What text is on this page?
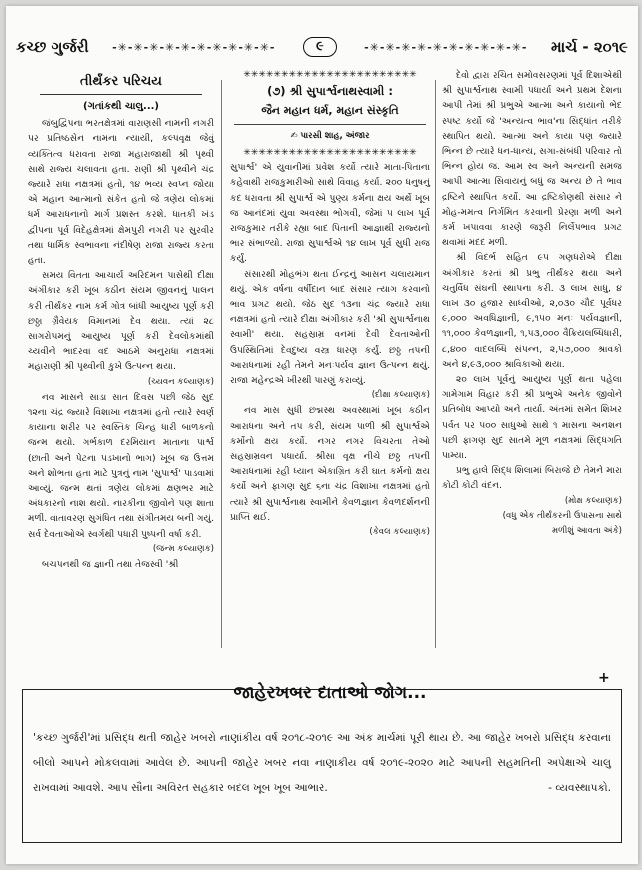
કચ્છ ગુર્જરી -✳-✳-✳-✳-✳-✳-✳-✳-✳-✳-	૯	-✳-✳-✳-✳-✳-✳-✳-✳-✳-✳- માર્ચ - ૨૦૧૯
તીર્થંકર પરિચય
(ગતાંકથી ચાલુ...)

જંબુદ્વિપના ભરતક્ષેત્રમાં વારાણસી નામની નગરી પર પ્રતિષ્ઠસેન નામના ન્યાયી, કલ્પવૃક્ષ જેવું વ્યક્તિત્વ ધરાવતા રાજા મહારાજાથી શ્રી પૃથ્વી સાથે રાજ્ય ચલાવતા હતા. રાણી શ્રી પૃથ્વીને ચંદ્ર જ્યારે રાધા નક્ષત્રમાં હતો, ૧૪ ભવ્ય સ્વપ્ન જોયા એ મહાન આત્માનો સંકેત હતો જે ત્રણેય લોકમાં ધર્મ આરાધનાનો માર્ગ પ્રશસ્ત કરશે. ધાતકી ખંડ દ્વીપના પૂર્વ વિદેહક્ષેત્રમાં ક્ષેમપુરી નગરી પર સુરવીર તથા ધાર્મિક સ્વભાવના નંદીષેણ રાજા રાજ્ય કરતા હતા.

સમય વિતતા આચાર્ય અરિદમન પાસેથી દીક્ષા અંગીકાર કરી ખૂબ કઠીન સંયમ જીવનનું પાલન કરી તીર્થંકર નામ કર્મ ગોત્ર બાંધી આયુષ્ય પૂર્ણ કરી છઠ્ઠા ગ્રૈવેયક વિમાનમાં દેવ થયા. ત્યાં ૨૮ સાગરોપમનું આયુષ્ય પૂર્ણ કરી દેવલોકમાંથી ચ્યવીને ભાદરવા વદ આઠમે અનુરાધા નક્ષત્રમાં મહારાણી શ્રી પૃથ્વીની કુખે ઉત્પન્ન થયા.

(ચ્યવન કલ્યાણક)

નવ માસને સાડા સાત દિવસ પછી જેઠ સુદ ૧૨ના ચંદ્ર જ્યારે વિશાખા નક્ષત્રમાં હતો ત્યારે સ્વર્ણ કાયાના શરીર પર સ્વસ્તિક ચિન્હ ધારી બાળકનો જન્મ થયો. ગર્ભકાળ દરમિયાન માતાના પાર્શ્વ (છાતી અને પેટના પડખાનો ભાગ) ખૂબ જ ઉત્તમ અને શોભતા હતા માટે પુત્રનું નામ 'સુપાર્શ્વ' પાડવામાં આવ્યું. જન્મ થતાં ત્રણેય લોકમાં ક્ષણભર માટે અંધકારનો નાશ થયો. નારકીના જીવોને પણ શાતા મળી. વાતાવરણ સુગંધિત તથા સંગીતમય બની ગયું. સર્વ દેવતાઓએ સ્વર્ગથી પધારી પુષ્પની વર્ષા કરી.

(જન્મ કલ્યાણક)

બચપનથી જ જ્ઞાની તથા તેજસ્વી 'શ્રી

✳✳✳✳✳✳✳✳✳✳✳✳✳✳✳✳✳✳✳✳✳✳✳
(૭) શ્રી સુપાર્શ્વનાથસ્વામી :
જૈન મહાન ધર્મ, મહાન સંસ્કૃતિ
✍ પારસી શાહ, અંજાર
✳✳✳✳✳✳✳✳✳✳✳✳✳✳✳✳✳✳✳✳✳✳✳

સુપાર્શ્વ' એ યુવાનીમાં પ્રવેશ કર્યો ત્યારે માતા-પિતાના કહેવાથી રાજકુમારીઓ સાથે વિવાહ કર્યા. ૨૦૦ ધનુષનું કદ ધરાવતા શ્રી સુપાર્શ્વ એ પુણ્ય કર્મના ક્ષય અર્થે ખૂબ જ આનંદમાં યુવા અવસ્થા ભોગવી, જેમાં ૫ લાખ પૂર્વ રાજકુમાર તરીકે રહ્યા બાદ પિતાની આજ્ઞાથી રાજ્યનો ભાર સંભાળ્યો. રાજા સુપાર્શ્વએ ૧૪ લાખ પૂર્વ સુધી રાજ કર્યું.

સંસારથી મોહભંગ થતા ઈન્દ્રનું આસન ચલાયમાન થયું. એક વર્ષના વર્ષીદાન બાદ સંસાર ત્યાગ કરવાનો ભાવ પ્રગટ થયો. જેઠ સુદ ૧૩ના ચંદ્ર જ્યારે રાધા નક્ષત્રમાં હતો ત્યારે દીક્ષા અંગીકાર કરી 'શ્રી સુપાર્શ્વનાથ સ્વામી' થયા. સહસ્રામ્ર વનમાં દેવી દેવતાઓની ઉપસ્થિતિમાં દેવદુષ્ય વસ્ત્ર ધારણ કર્યું. છઠ્ઠ તપની આરાધનામાં રહી તેમને મનઃપર્યવ જ્ઞાન ઉત્પન્ન થયું. રાજા મહેન્દ્રએ ખીરથી પારણું કરાવ્યું.

(દીક્ષા કલ્યાણક)

નવ માસ સુધી છદ્મસ્થ અવસ્થામાં ખૂબ કઠીન આરાધના અને તપ કરી, સંયમ પાળી શ્રી સુપાર્શ્વએ કર્મોનો ક્ષય કર્યો. નગર નગર વિચરતા તેઓ સહસ્રામ્રવન પધાર્યા. શ્રીસા વૃક્ષ નીચે છઠ્ઠ તપની આરાધનામાં રહી ધ્યાન એકાગ્રિત કરી ઘાત કર્મનો ક્ષય કર્યો અને ફાગણ સુદ ૬ના ચંદ્ર વિશાખા નક્ષત્રમાં હતો ત્યારે શ્રી સુપાર્શ્વનાથ સ્વામીને કેવળજ્ઞાન કેવળદર્શનની પ્રાપ્તિ થઈ.

(કેવલ કલ્યાણક)

દેવો દ્વારા રચિત સમોવસરણમાં પૂર્વ દિશાએથી શ્રી સુપાર્શ્વનાથ સ્વામી પધાર્યા અને પ્રથમ દેશના આપી તેમાં શ્રી પ્રભુએ આત્મા અને કાયાનો ભેદ સ્પષ્ટ કર્યો જે 'અન્યત્વ ભાવ'ના સિદ્ધાંત તરીકે સ્થાપિત થયો. આત્મા અને કાયા પણ જ્યારે ભિન્ન છે ત્યારે ધન-ધાન્ય, સગા-સંબંધી પરિવાર તો ભિન્ન હોય જ. આમ સ્વ અને અન્યની સમજ આપી આત્મા સિવાયનું બધું જ અન્ય છે તે ભાવ દ્રષ્ટિને સ્થાપિત કર્યો. આ દ્રષ્ટિકોણથી સંસાર ને મોહ-મમત્વ નિર્ગમિત કરવાની પ્રેરણા મળી અને કર્મ ખપાવવા કારણે જરૂરી નિર્લેપભાવ પ્રગટ થવામાં મદદ મળી.

શ્રી વિદર્ભ સહિત ૯૫ ગણધરોએ દીક્ષા અંગીકાર કરતાં શ્રી પ્રભુ તીર્થંકર થયા અને ચતુર્વિધ સંઘની સ્થાપના કરી. ૩ લાખ સાધુ, ૪ લાખ ૩૦ હજાર સાધ્વીઓ, ૨,૦૩૦ ચૌદ પૂર્વધર ૯,૦૦૦ અવધિજ્ઞાની, ૯,૧૫૦ મનઃ પર્યવજ્ઞાની, ૧૧,૦૦૦ કેવળજ્ઞાની, ૧,૫૩,૦૦૦ વૈક્રિયલબ્ધિધારી, ૮,૪૦૦ વાદલબ્ધિ સંપન્ન, ૨,૫૭,૦૦૦ શ્રાવકો અને ૪,૯૩,૦૦૦ શ્રાવિકાઓ થયા.

૨૦ લાખ પૂર્વનું આયુષ્ય પૂર્ણ થતા પહેલા ગામેગામ વિહાર કરી શ્રી પ્રભુએ અનેક જીવોને પ્રતિબોધ આપ્યો અને તાર્યા. અંતમાં સમેત શિખર પર્વત પર ૫૦૦ સાધુઓ સાથે ૧ માસના અનશન પછી ફાગણ સુદ સાતમે મૂળ નક્ષત્રમાં સિદ્ધગતિ પામ્યા.

પ્રભુ હાલે સિદ્ધ શિલામાં બિરાજે છે તેમને મારા કોટી કોટી વંદન.

(મોક્ષ કલ્યાણક)
(વધુ એક તીર્થંકરની ઉપાસના સાથે
મળીશું આવતા અંકે)
+
જાહેરખબર દાતાઓ જોગ...
'કચ્છ ગુર્જરી'માં પ્રસિદ્ધ થતી જાહેર ખબરો નાણાંકીય વર્ષ ૨૦૧૮-૨૦૧૯ આ અંક માર્ચમાં પૂરી થાય છે. આ જાહેર ખબરો પ્રસિદ્ધ કરવાના બીલો આપને મોકલવામાં આવેલ છે. આપની જાહેર ખબર નવા નાણાકીય વર્ષ ૨૦૧૯-૨૦૨૦ માટે આપની સહમતિની અપેક્ષાએ ચાલુ રાખવામાં આવશે. આપ સૌના અવિરત સહકાર બદલ ખૂબ ખૂબ આભાર.	- વ્યવસ્થાપકો.
